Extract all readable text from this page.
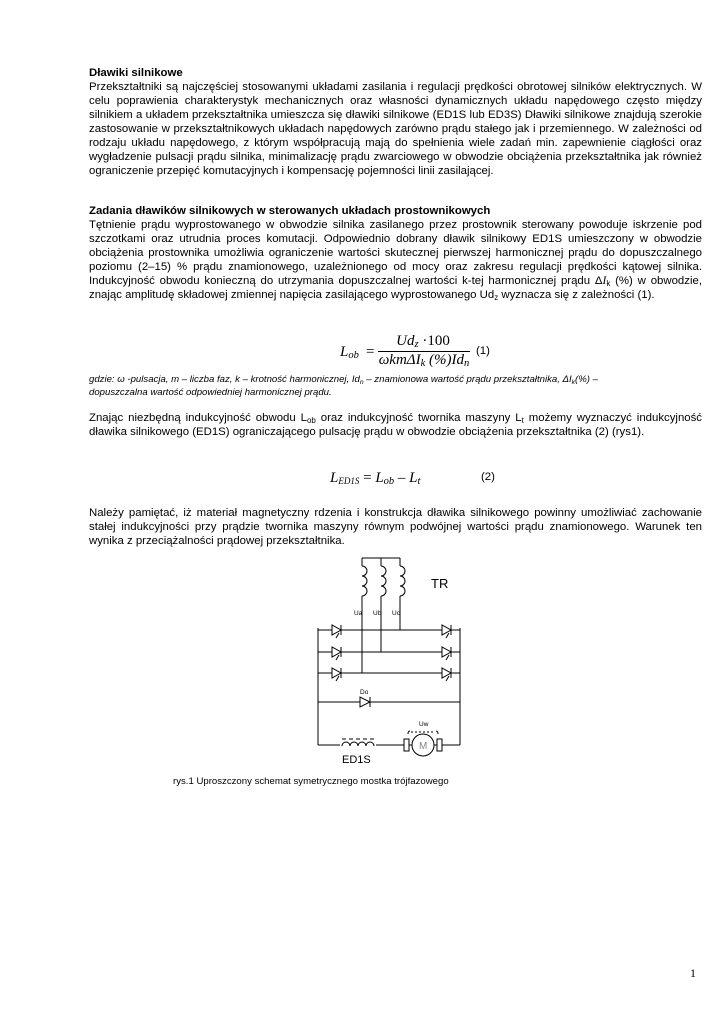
Dławiki silnikowe

Przekształtniki są najczęściej stosowanymi układami zasilania i regulacji prędkości obrotowej silników elektrycznych. W celu poprawienia charakterystyk mechanicznych oraz własności dynamicznych układu napędowego często między silnikiem a układem przekształtnika umieszcza się dławiki silnikowe (ED1S lub ED3S) Dławiki silnikowe znajdują szerokie zastosowanie w przekształtnikowych układach napędowych zarówno prądu stałego jak i przemiennego. W zależności od rodzaju układu napędowego, z którym współpracują mają do spełnienia wiele zadań min. zapewnienie ciągłości oraz wygładzenie pulsacji prądu silnika, minimalizację prądu zwarciowego w obwodzie obciążenia przekształtnika jak również ograniczenie przepięć komutacyjnych i kompensację pojemności linii zasilającej.

Zadania dławików silnikowych w sterowanych układach prostownikowych

Tętnienie prądu wyprostowanego w obwodzie silnika zasilanego przez prostownik sterowany powoduje iskrzenie pod szczotkami oraz utrudnia proces komutacji. Odpowiednio dobrany dławik silnikowy ED1S umieszczony w obwodzie obciążenia prostownika umożliwia ograniczenie wartości skutecznej pierwszej harmonicznej prądu do dopuszczalnego poziomu (2–15) % prądu znamionowego, uzależnionego od mocy oraz zakresu regulacji prędkości kątowej silnika. Indukcyjność obwodu konieczną do utrzymania dopuszczalnej wartości k-tej harmonicznej prądu $\Delta I_k$ (%) w obwodzie, znając amplitudę składowej zmiennej napięcia zasilającego wyprostowanego $Ud_z$ wyznacza się z zależności (1).

$L_{ob}$ =
$Ud_z \cdot 100$
ωkmΔI$_k$ $(\%)Id_n$
(1)
gdzie: ω -pulsacja, m – liczba faz, k – krotność harmonicznej, $Id_n$ – znamionowa wartość prądu przekształtnika, $\Delta I_k(\%)$ –
dopuszczalna wartość odpowiedniej harmonicznej prądu.

Znając niezbędną indukcyjność obwodu $L_{ob}$ oraz indukcyjność twornika maszyny $L_t$ możemy wyznaczyć indukcyjność dławika silnikowego (ED1S) ograniczającego pulsację prądu w obwodzie obciążenia przekształtnika (2) (rys1).

$L_{ED1S} = L_{ob} - L_t$	(2)

Należy pamiętać, iż materiał magnetyczny rdzenia i konstrukcja dławika silnikowego powinny umożliwiać zachowanie stałej indukcyjności przy prądzie twornika maszyny równym podwójnej wartości prądu znamionowego. Warunek ten wynika z przeciążalności prądowej przekształtnika.

TR
Ua Ub Uc
Do
Uw
M
ED1S
rys.1 Uproszczony schemat symetrycznego mostka trójfazowego
1
